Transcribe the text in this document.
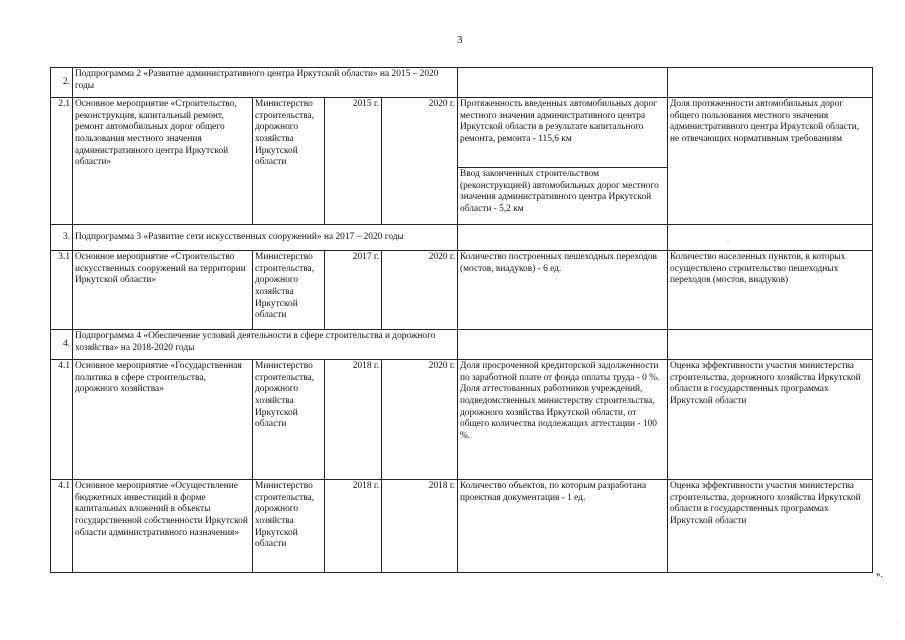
3
2.	Подпрограмма 2 «Развитие административного центра Иркутской области» на 2015 – 2020 годы					
2.1	Основное мероприятие «Строительство, реконструкция, капитальный ремонт, ремонт автомобильных дорог общего пользования местного значения административного центра Иркутской области»	Министерство строительства, дорожного хозяйства Иркутской области	2015 г.	2020 г.	Протяженность введенных автомобильных дорог местного значения административного центра Иркутской области в результате капитального ремонта, ремонта - 115,6 км	Доля протяженности автомобильных дорог общего пользования местного значения административного центра Иркутской области, не отвечающих нормативным требованиям
					Ввод законченных строительством (реконструкцией) автомобильных дорог местного значения административного центра Иркутской области - 5,2 км	
3.	Подпрограмма 3 «Развитие сети искусственных сооружений» на 2017 – 2020 годы					
3.1	Основное мероприятие «Строительство искусственных сооружений на территории Иркутской области»	Министерство строительства, дорожного хозяйства Иркутской области	2017 г.	2020 г.	Количество построенных пешеходных переходов (мостов, виадуков) - 6 ед.	Количество населенных пунктов, в которых осуществлено строительство пешеходных переходов (мостов, виадуков)
4.	Подпрограмма 4 «Обеспечение условий деятельности в сфере строительства и дорожного хозяйства» на 2018-2020 годы					
4.1	Основное мероприятие «Государственная политика в сфере строительства, дорожного хозяйства»	Министерство строительства, дорожного хозяйства Иркутской области	2018 г.	2020 г.	Доля просроченной кредиторской задолженности по заработной плате от фонда оплаты труда - 0 %. Доля аттестованных работников учреждений, подведомственных министерству строительства, дорожного хозяйства Иркутской области, от общего количества подлежащих аттестации - 100 %.	Оценка эффективности участия министерства строительства, дорожного хозяйства Иркутской области в государственных программах Иркутской области
4.1	Основное мероприятие «Осуществление бюджетных инвестиций в форме капитальных вложений в объекты государственной собственности Иркутской области административного назначения»	Министерство строительства, дорожного хозяйства Иркутской области	2018 г.	2018 г.	Количество объектов, по которым разработана проектная документация - 1 ед.	Оценка эффективности участия министерства строительства, дорожного хозяйства Иркутской области в государственных программах Иркутской области
».
·
·
